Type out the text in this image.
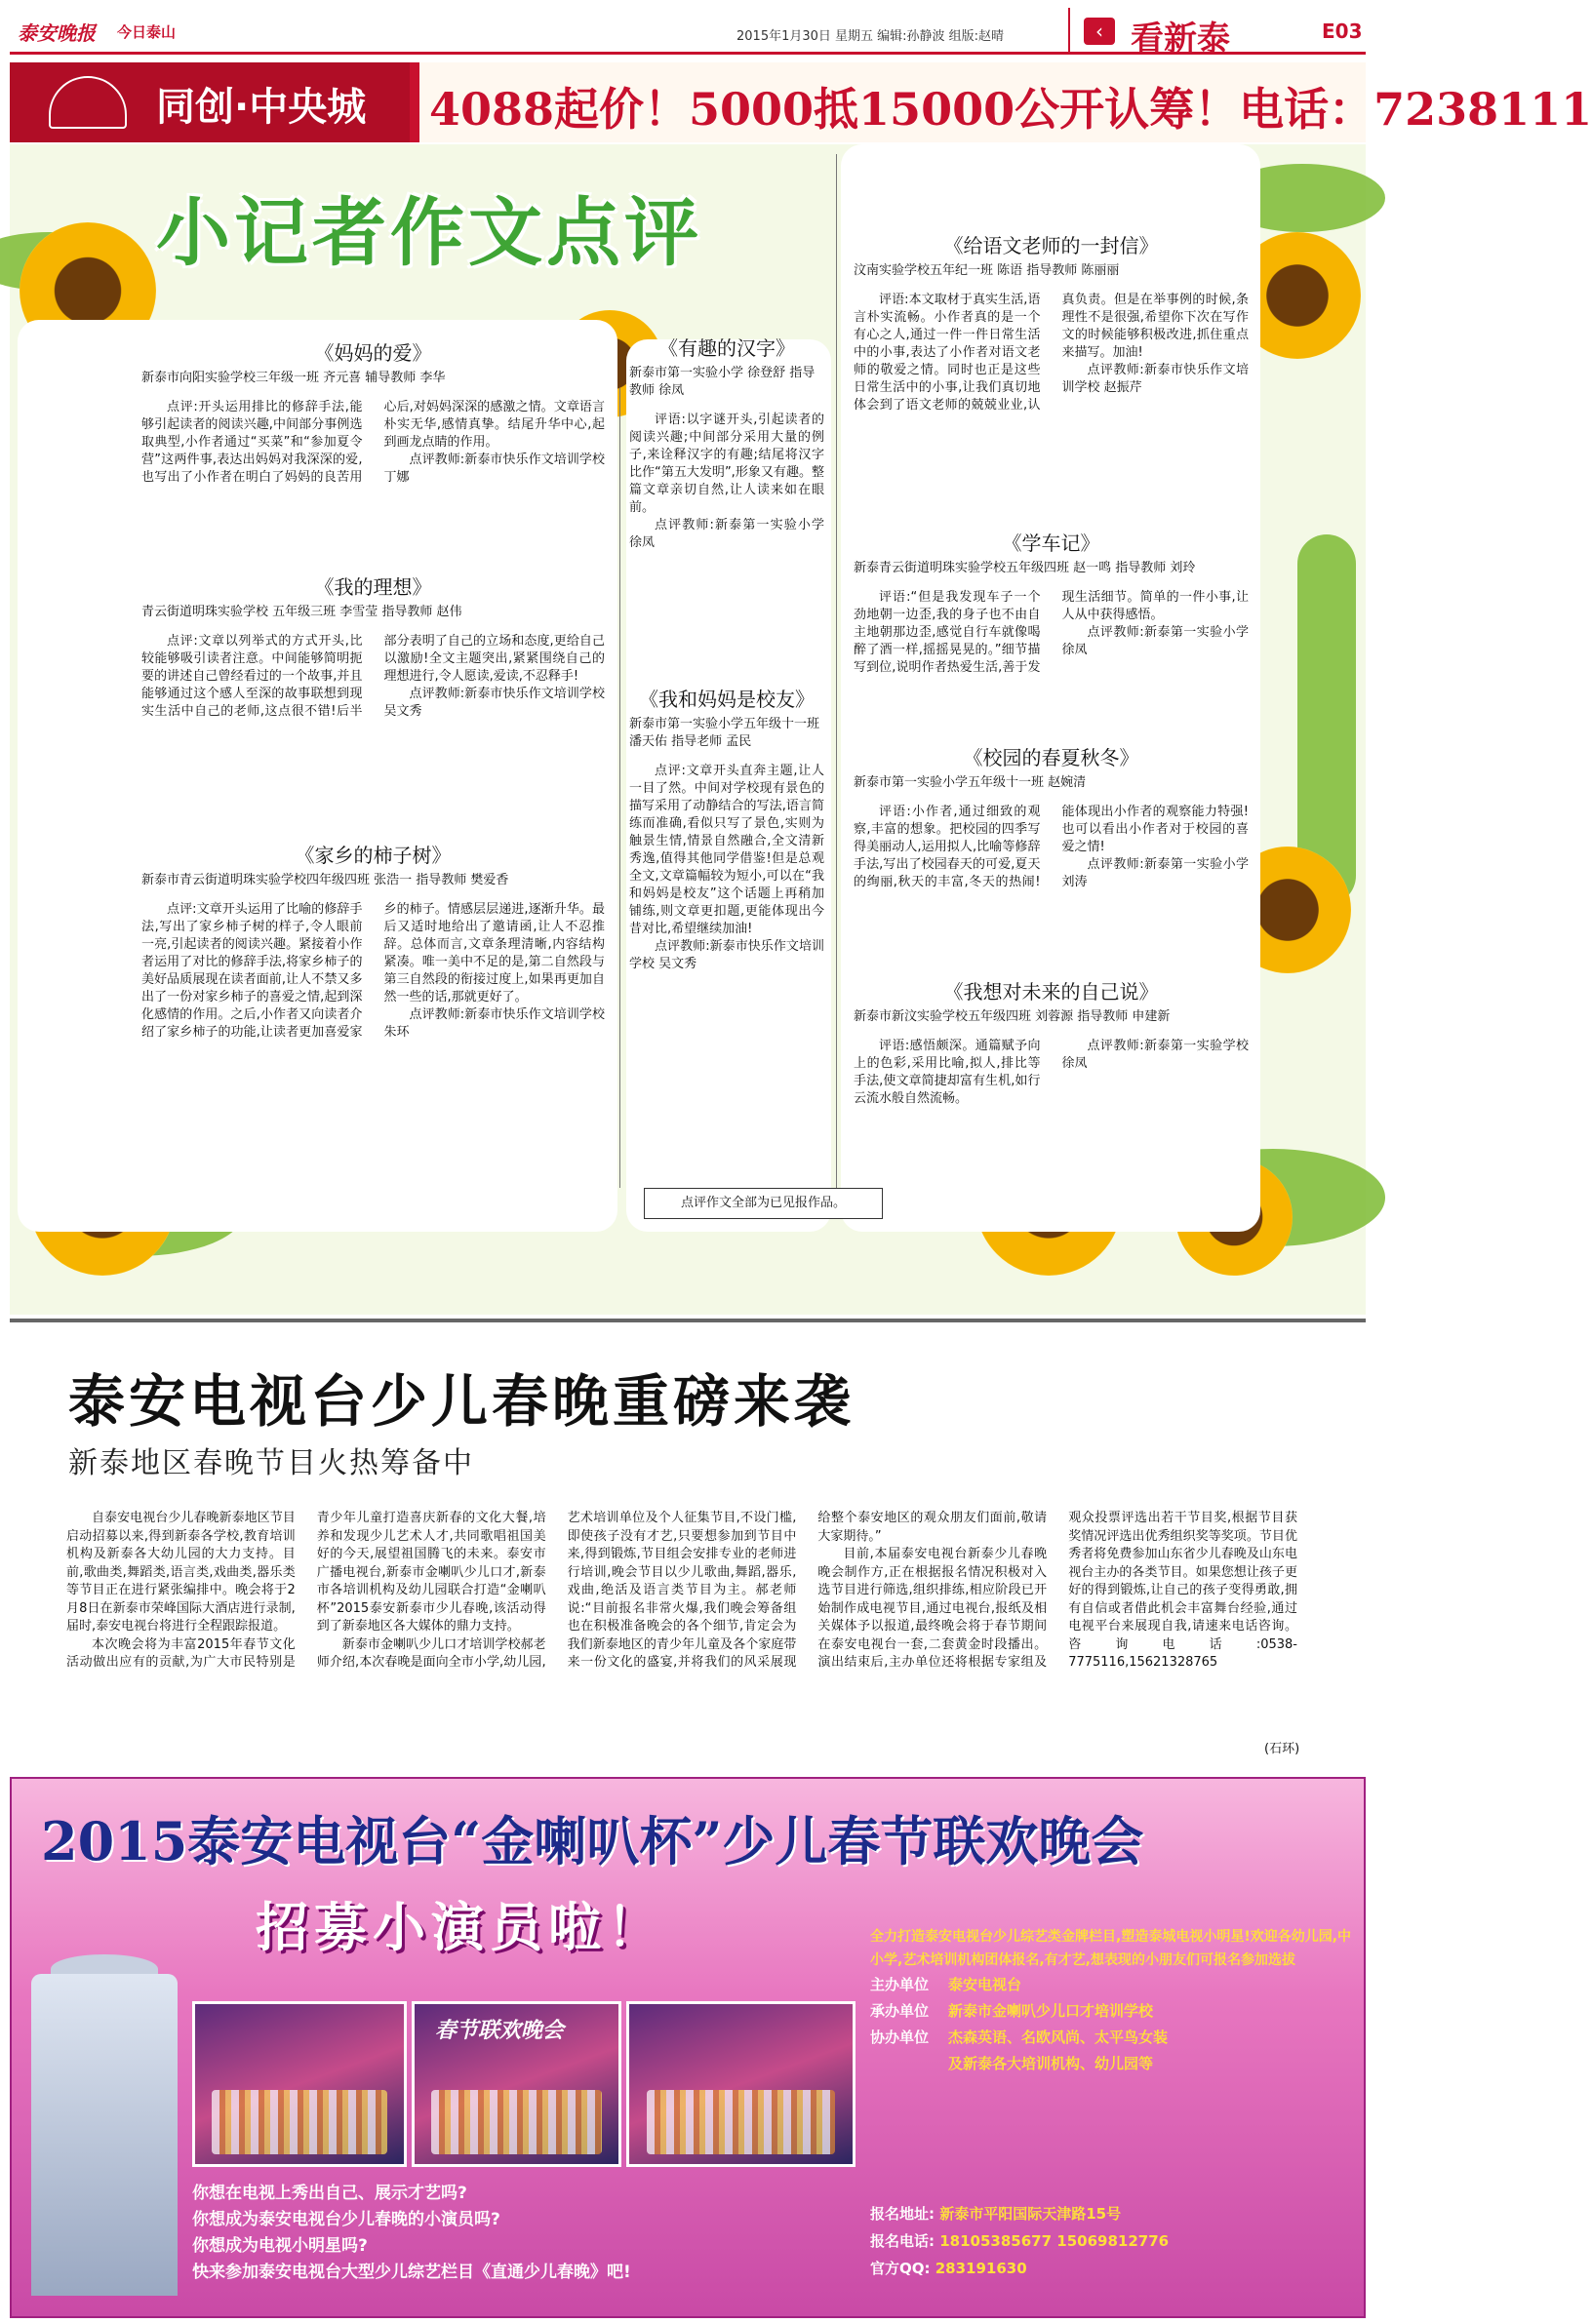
泰安晚报 今日泰山	2015年1月30日 星期五 编辑:孙静波 组版:赵晴	‹ 看新泰	E03
同创·中央城 4088起价！5000抵15000公开认筹！电话：7238111
小记者作文点评
《妈妈的爱》
新泰市向阳实验学校三年级一班 齐元喜 辅导教师 李华

点评:开头运用排比的修辞手法,能够引起读者的阅读兴趣,中间部分事例选取典型,小作者通过“买菜”和“参加夏令营”这两件事,表达出妈妈对我深深的爱,也写出了小作者在明白了妈妈的良苦用心后,对妈妈深深的感激之情。文章语言朴实无华,感情真挚。结尾升华中心,起到画龙点睛的作用。

点评教师:新泰市快乐作文培训学校 丁娜

《我的理想》
青云街道明珠实验学校 五年级三班 李雪莹 指导教师 赵伟

点评:文章以列举式的方式开头,比较能够吸引读者注意。中间能够简明扼要的讲述自己曾经看过的一个故事,并且能够通过这个感人至深的故事联想到现实生活中自己的老师,这点很不错!后半部分表明了自己的立场和态度,更给自己以激励!全文主题突出,紧紧围绕自己的理想进行,令人愿读,爱读,不忍释手!

点评教师:新泰市快乐作文培训学校 吴文秀

《家乡的柿子树》
新泰市青云街道明珠实验学校四年级四班 张浩一 指导教师 樊爱香

点评:文章开头运用了比喻的修辞手法,写出了家乡柿子树的样子,令人眼前一亮,引起读者的阅读兴趣。紧接着小作者运用了对比的修辞手法,将家乡柿子的美好品质展现在读者面前,让人不禁又多出了一份对家乡柿子的喜爱之情,起到深化感情的作用。之后,小作者又向读者介绍了家乡柿子的功能,让读者更加喜爱家乡的柿子。情感层层递进,逐渐升华。最后又适时地给出了邀请函,让人不忍推辞。总体而言,文章条理清晰,内容结构紧凑。唯一美中不足的是,第二自然段与第三自然段的衔接过度上,如果再更加自然一些的话,那就更好了。

点评教师:新泰市快乐作文培训学校 朱环

《有趣的汉字》
新泰市第一实验小学 徐登舒 指导教师 徐凤

评语:以字谜开头,引起读者的阅读兴趣;中间部分采用大量的例子,来诠释汉字的有趣;结尾将汉字比作“第五大发明”,形象又有趣。整篇文章亲切自然,让人读来如在眼前。

点评教师:新泰第一实验小学 徐凤

《我和妈妈是校友》
新泰市第一实验小学五年级十一班 潘天佑 指导老师 孟民

点评:文章开头直奔主题,让人一目了然。中间对学校现有景色的描写采用了动静结合的写法,语言简练而准确,看似只写了景色,实则为触景生情,情景自然融合,全文清新秀逸,值得其他同学借鉴!但是总观全文,文章篇幅较为短小,可以在“我和妈妈是校友”这个话题上再稍加铺练,则文章更扣题,更能体现出今昔对比,希望继续加油!

点评教师:新泰市快乐作文培训学校 吴文秀

《给语文老师的一封信》
汶南实验学校五年纪一班 陈语 指导教师 陈丽丽

评语:本文取材于真实生活,语言朴实流畅。小作者真的是一个有心之人,通过一件一件日常生活中的小事,表达了小作者对语文老师的敬爱之情。同时也正是这些日常生活中的小事,让我们真切地体会到了语文老师的兢兢业业,认真负责。但是在举事例的时候,条理性不是很强,希望你下次在写作文的时候能够积极改进,抓住重点来描写。加油!

点评教师:新泰市快乐作文培训学校 赵振芹

《学车记》
新泰青云街道明珠实验学校五年级四班 赵一鸣 指导教师 刘玲

评语:“但是我发现车子一个劲地朝一边歪,我的身子也不由自主地朝那边歪,感觉自行车就像喝醉了酒一样,摇摇晃晃的。”细节描写到位,说明作者热爱生活,善于发现生活细节。简单的一件小事,让人从中获得感悟。

点评教师:新泰第一实验小学 徐凤

《校园的春夏秋冬》
新泰市第一实验小学五年级十一班 赵婉清

评语:小作者,通过细致的观察,丰富的想象。把校园的四季写得美丽动人,运用拟人,比喻等修辞手法,写出了校园春天的可爱,夏天的绚丽,秋天的丰富,冬天的热闹!能体现出小作者的观察能力特强!也可以看出小作者对于校园的喜爱之情!

点评教师:新泰第一实验小学 刘涛

《我想对未来的自己说》
新泰市新汶实验学校五年级四班 刘蓉源 指导教师 申建新

评语:感悟颇深。通篇赋予向上的色彩,采用比喻,拟人,排比等手法,使文章简捷却富有生机,如行云流水般自然流畅。

点评教师:新泰第一实验学校 徐凤

点评作文全部为已见报作品。
泰安电视台少儿春晚重磅来袭
新泰地区春晚节目火热筹备中

自泰安电视台少儿春晚新泰地区节目启动招募以来,得到新泰各学校,教育培训机构及新泰各大幼儿园的大力支持。目前,歌曲类,舞蹈类,语言类,戏曲类,器乐类等节目正在进行紧张编排中。晚会将于2月8日在新泰市荣峰国际大酒店进行录制,届时,泰安电视台将进行全程跟踪报道。

本次晚会将为丰富2015年春节文化活动做出应有的贡献,为广大市民特别是青少年儿童打造喜庆新春的文化大餐,培养和发现少儿艺术人才,共同歌唱祖国美好的今天,展望祖国腾飞的未来。泰安市广播电视台,新泰市金喇叭少儿口才,新泰市各培训机构及幼儿园联合打造“金喇叭杯”2015泰安新泰市少儿春晚,该活动得到了新泰地区各大媒体的鼎力支持。

新泰市金喇叭少儿口才培训学校郝老师介绍,本次春晚是面向全市小学,幼儿园,艺术培训单位及个人征集节目,不设门槛,即使孩子没有才艺,只要想参加到节目中来,得到锻炼,节目组会安排专业的老师进行培训,晚会节目以少儿歌曲,舞蹈,器乐,戏曲,绝活及语言类节目为主。郝老师说:“目前报名非常火爆,我们晚会筹备组也在积极准备晚会的各个细节,肯定会为我们新泰地区的青少年儿童及各个家庭带来一份文化的盛宴,并将我们的风采展现给整个泰安地区的观众朋友们面前,敬请大家期待。”

目前,本届泰安电视台新泰少儿春晚晚会制作方,正在根据报名情况积极对入选节目进行筛选,组织排练,相应阶段已开始制作成电视节目,通过电视台,报纸及相关媒体予以报道,最终晚会将于春节期间在泰安电视台一套,二套黄金时段播出。演出结束后,主办单位还将根据专家组及观众投票评选出若干节目奖,根据节目获奖情况评选出优秀组织奖等奖项。节目优秀者将免费参加山东省少儿春晚及山东电视台主办的各类节目。如果您想让孩子更好的得到锻炼,让自己的孩子变得勇敢,拥有自信或者借此机会丰富舞台经验,通过电视平台来展现自我,请速来电话咨询。咨询电话:0538-7775116,15621328765

(石环)
2015泰安电视台“金喇叭杯”少儿春节联欢晚会
招募小演员啦！
春节联欢晚会
全力打造泰安电视台少儿综艺类金牌栏目,塑造泰城电视小明星!欢迎各幼儿园,中小学,艺术培训机构团体报名,有才艺,想表现的小朋友们可报名参加选拔
主办单位 泰安电视台
承办单位 新泰市金喇叭少儿口才培训学校
协办单位 杰森英语、名欧风尚、太平鸟女装
及新泰各大培训机构、幼儿园等
你想在电视上秀出自己、展示才艺吗?
你想成为泰安电视台少儿春晚的小演员吗?
你想成为电视小明星吗?
快来参加泰安电视台大型少儿综艺栏目《直通少儿春晚》吧!
报名地址: 新泰市平阳国际天津路15号
报名电话: 18105385677 15069812776
官方QQ: 283191630
